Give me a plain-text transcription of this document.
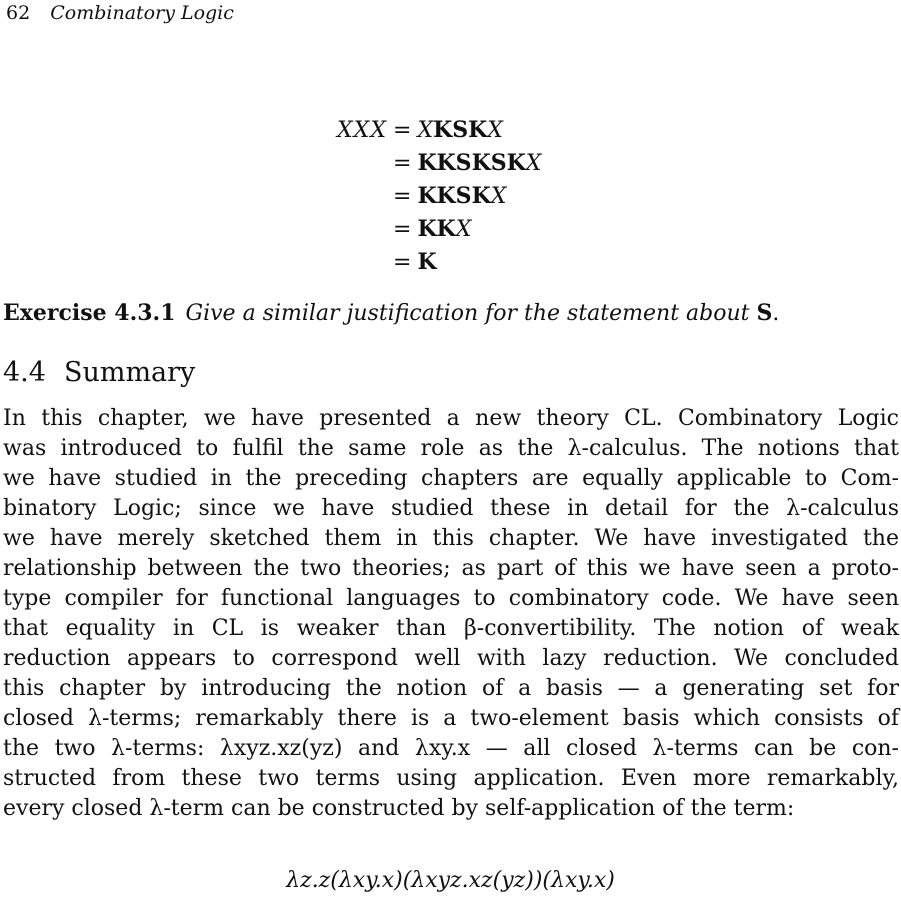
62 Combinatory Logic
XXX = XKSKX
= KKSKSKX
= KKSKX
= KKX
= K
Exercise 4.3.1 Give a similar justification for the statement about S.
4.4 Summary
In this chapter, we have presented a new theory CL. Combinatory Logic
was introduced to fulfil the same role as the λ-calculus. The notions that
we have studied in the preceding chapters are equally applicable to Com-
binatory Logic; since we have studied these in detail for the λ-calculus
we have merely sketched them in this chapter. We have investigated the
relationship between the two theories; as part of this we have seen a proto-
type compiler for functional languages to combinatory code. We have seen
that equality in CL is weaker than β-convertibility. The notion of weak
reduction appears to correspond well with lazy reduction. We concluded
this chapter by introducing the notion of a basis — a generating set for
closed λ-terms; remarkably there is a two-element basis which consists of
the two λ-terms: λxyz.xz(yz) and λxy.x — all closed λ-terms can be con-
structed from these two terms using application. Even more remarkably,
every closed λ-term can be constructed by self-application of the term:
λz.z(λxy.x)(λxyz.xz(yz))(λxy.x)
